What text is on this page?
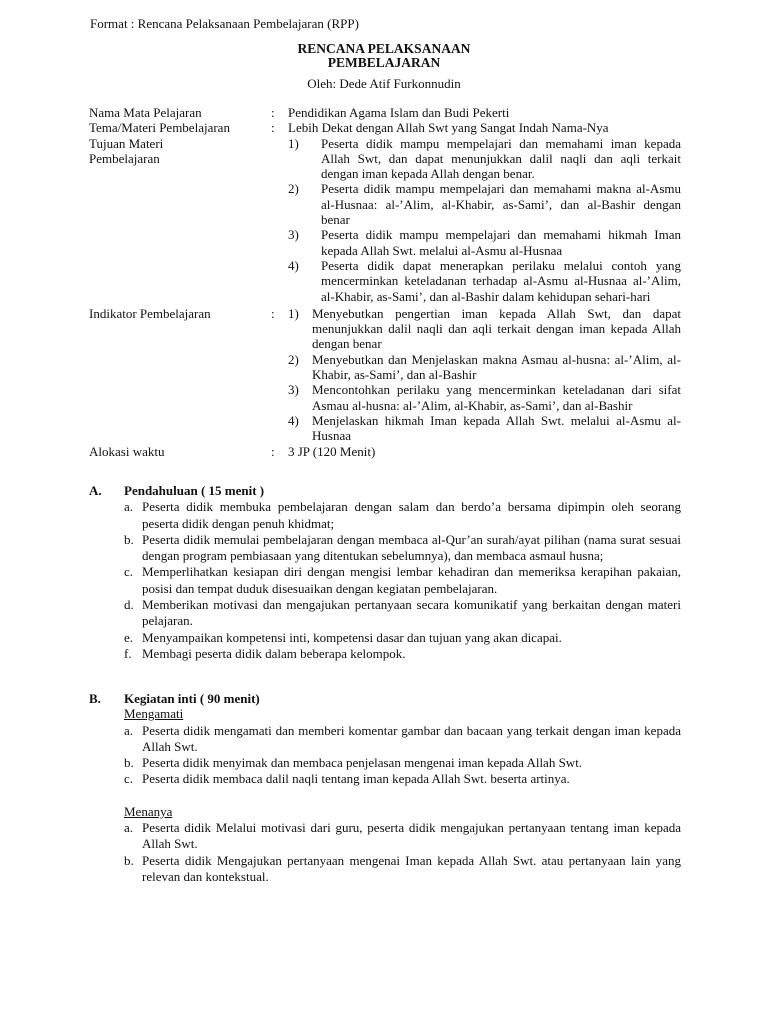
Format : Rencana Pelaksanaan Pembelajaran (RPP)
RENCANA PELAKSANAAN
PEMBELAJARAN
Oleh: Dede Atif Furkonnudin
Nama Mata Pelajaran	:	Pendidikan Agama Islam dan Budi Pekerti
Tema/Materi Pembelajaran	:	Lebih Dekat dengan Allah Swt yang Sangat Indah Nama-Nya
Tujuan Materi
Pembelajaran
1)	Peserta didik mampu mempelajari dan memahami iman kepada Allah Swt, dan dapat menunjukkan dalil naqli dan aqli terkait dengan iman kepada Allah dengan benar.
2)	Peserta didik mampu mempelajari dan memahami makna al-Asmu al-Husnaa: al-’Alim, al-Khabir, as-Sami’, dan al-Bashir dengan benar
3)	Peserta didik mampu mempelajari dan memahami hikmah Iman kepada Allah Swt. melalui al-Asmu al-Husnaa
4)	Peserta didik dapat menerapkan perilaku melalui contoh yang mencerminkan keteladanan terhadap al-Asmu al-Husnaa al-’Alim, al-Khabir, as-Sami’, dan al-Bashir dalam kehidupan sehari-hari
Indikator Pembelajaran	:	1)	Menyebutkan pengertian iman kepada Allah Swt, dan dapat menunjukkan dalil naqli dan aqli terkait dengan iman kepada Allah dengan benar
2)	Menyebutkan dan Menjelaskan makna Asmau al-husna: al-’Alim, al-Khabir, as-Sami’, dan al-Bashir
3)	Mencontohkan perilaku yang mencerminkan keteladanan dari sifat Asmau al-husna: al-’Alim, al-Khabir, as-Sami’, dan al-Bashir
4)	Menjelaskan hikmah Iman kepada Allah Swt. melalui al-Asmu al-Husnaa
Alokasi waktu	:	3 JP (120 Menit)
A.	Pendahuluan ( 15 menit )
a. Peserta didik membuka pembelajaran dengan salam dan berdo’a bersama dipimpin oleh seorang peserta didik dengan penuh khidmat;
b. Peserta didik memulai pembelajaran dengan membaca al-Qur’an surah/ayat pilihan (nama surat sesuai dengan program pembiasaan yang ditentukan sebelumnya), dan membaca asmaul husna;
c. Memperlihatkan kesiapan diri dengan mengisi lembar kehadiran dan memeriksa kerapihan pakaian, posisi dan tempat duduk disesuaikan dengan kegiatan pembelajaran.
d. Memberikan motivasi dan mengajukan pertanyaan secara komunikatif yang berkaitan dengan materi pelajaran.
e. Menyampaikan kompetensi inti, kompetensi dasar dan tujuan yang akan dicapai.
f. Membagi peserta didik dalam beberapa kelompok.
B.	Kegiatan inti ( 90 menit)
Mengamati
a. Peserta didik mengamati dan memberi komentar gambar dan bacaan yang terkait dengan iman kepada Allah Swt.
b. Peserta didik menyimak dan membaca penjelasan mengenai iman kepada Allah Swt.
c. Peserta didik membaca dalil naqli tentang iman kepada Allah Swt. beserta artinya.
Menanya
a. Peserta didik Melalui motivasi dari guru, peserta didik mengajukan pertanyaan tentang iman kepada Allah Swt.
b. Peserta didik Mengajukan pertanyaan mengenai Iman kepada Allah Swt. atau pertanyaan lain yang relevan dan kontekstual.
